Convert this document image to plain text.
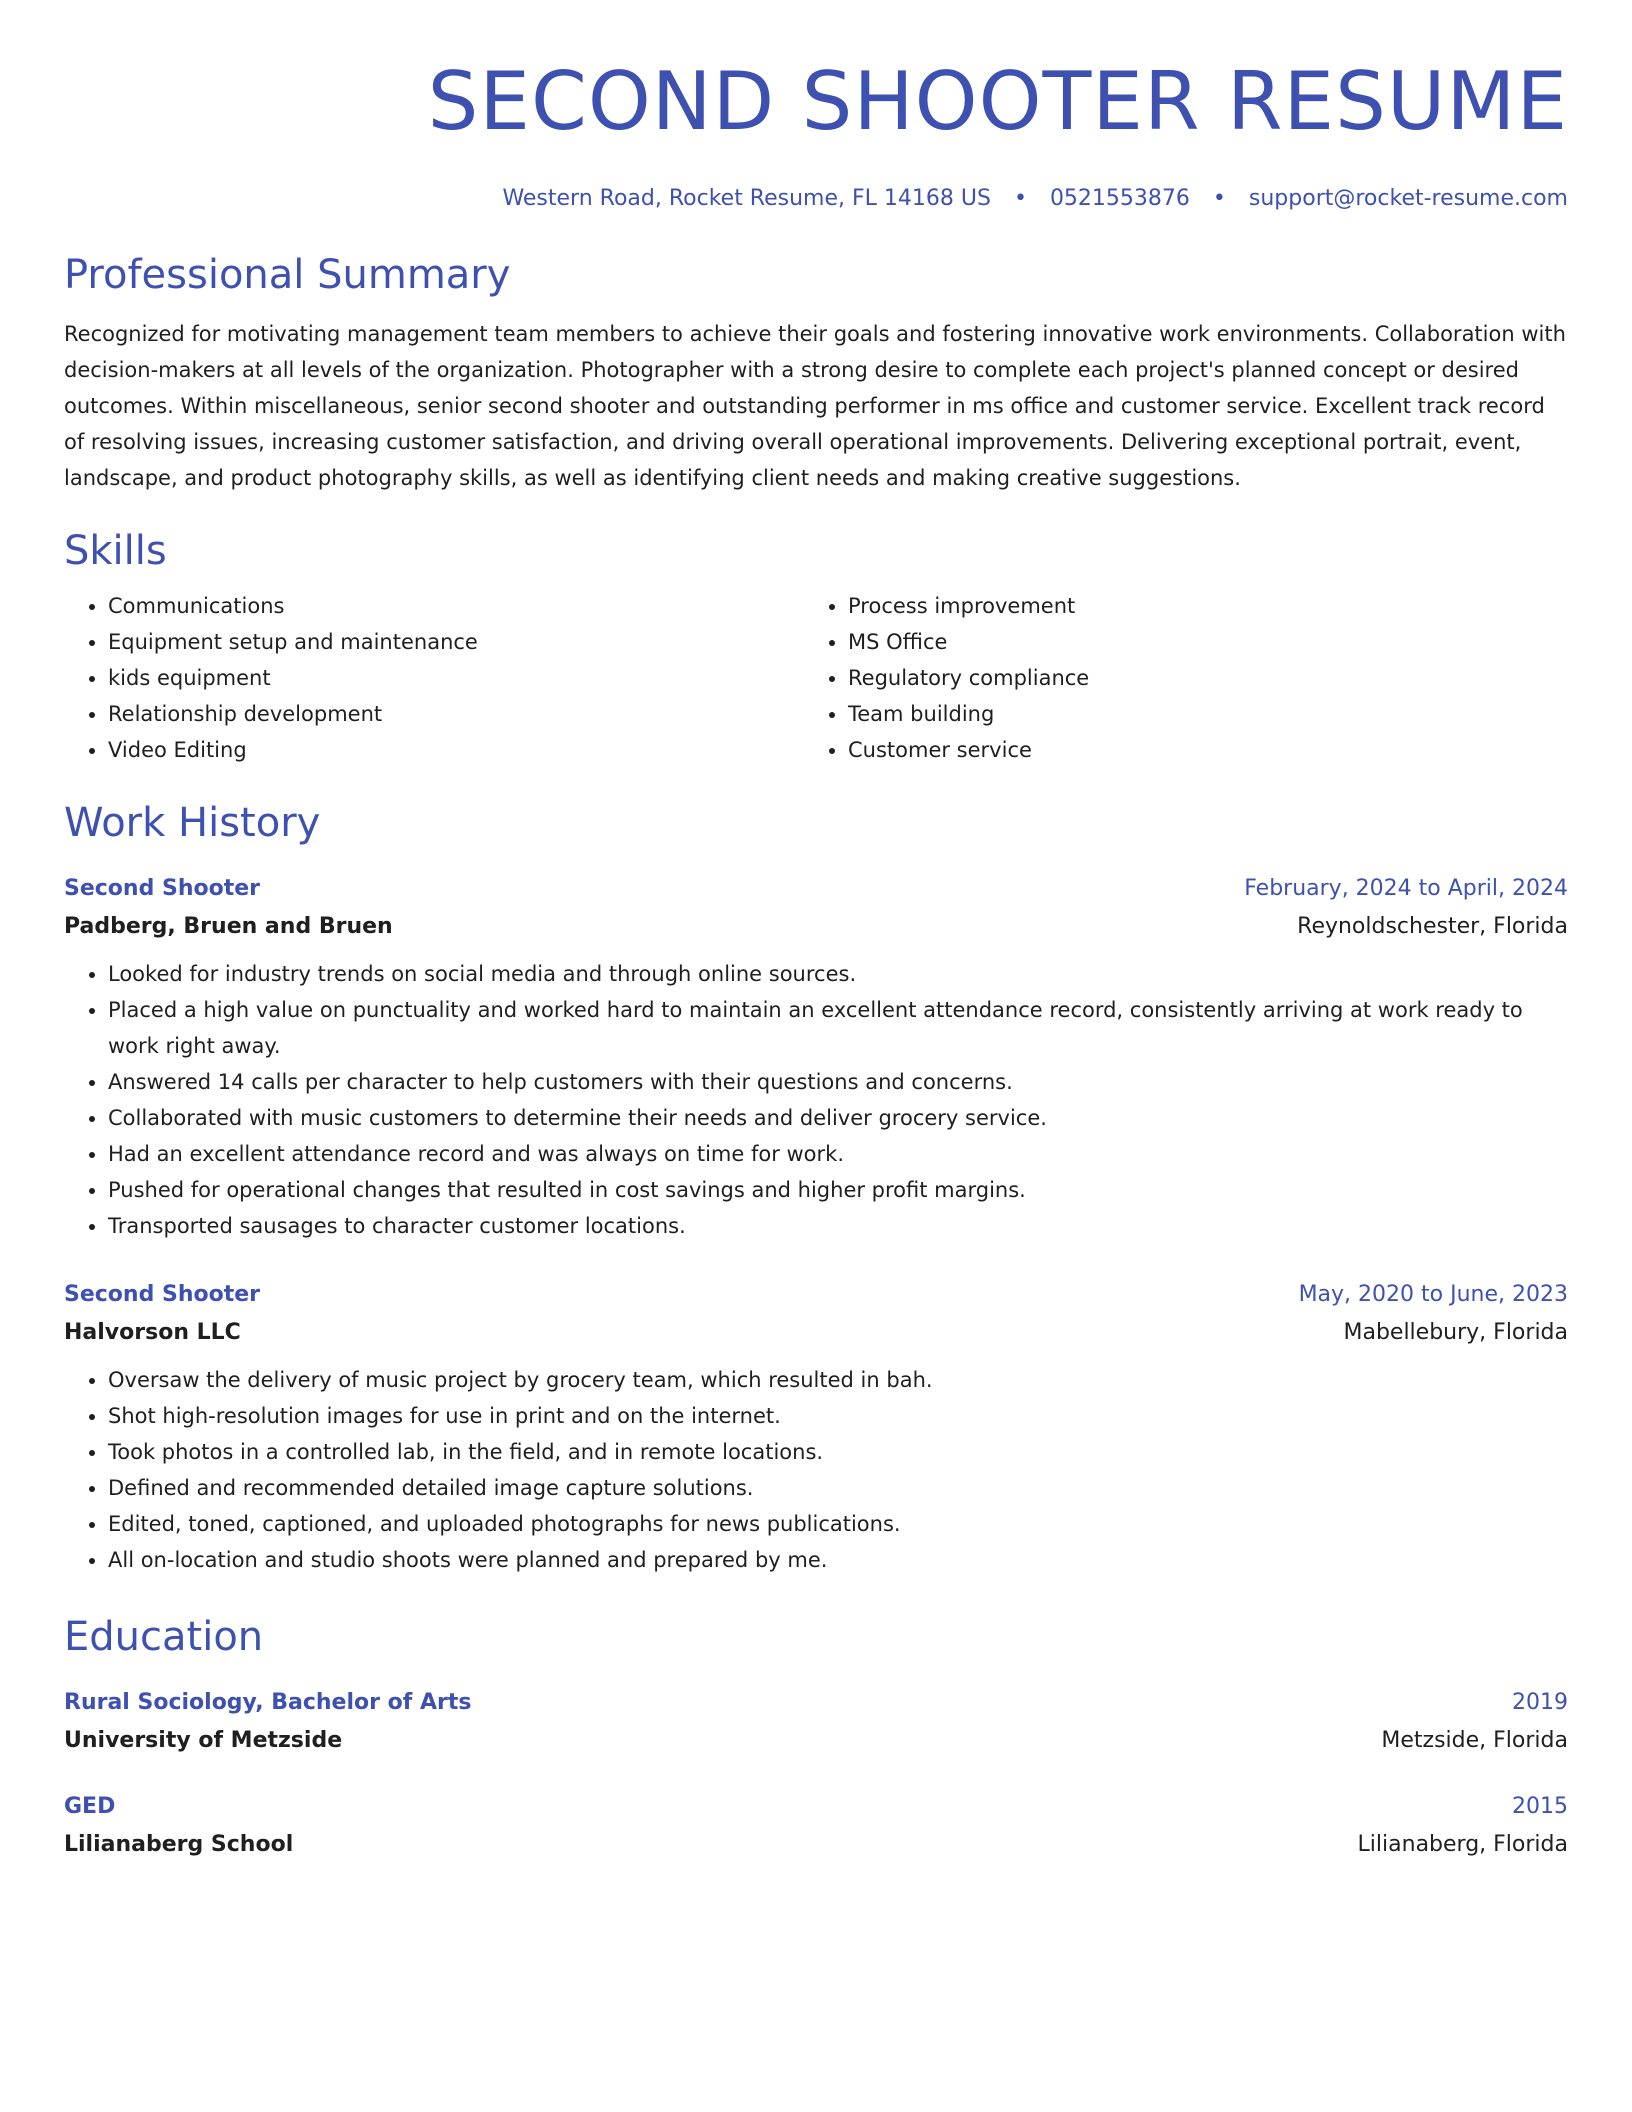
SECOND SHOOTER RESUME
Western Road, Rocket Resume, FL 14168 US • 0521553876 • support@rocket-resume.com
Professional Summary
Recognized for motivating management team members to achieve their goals and fostering innovative work environments. Collaboration with decision-makers at all levels of the organization. Photographer with a strong desire to complete each project's planned concept or desired outcomes. Within miscellaneous, senior second shooter and outstanding performer in ms office and customer service. Excellent track record of resolving issues, increasing customer satisfaction, and driving overall operational improvements. Delivering exceptional portrait, event, landscape, and product photography skills, as well as identifying client needs and making creative suggestions.
Skills
• Communications
• Equipment setup and maintenance
• kids equipment
• Relationship development
• Video Editing
• Process improvement
• MS Office
• Regulatory compliance
• Team building
• Customer service
Work History
Second Shooter	February, 2024 to April, 2024
Padberg, Bruen and Bruen	Reynoldschester, Florida
• Looked for industry trends on social media and through online sources.
• Placed a high value on punctuality and worked hard to maintain an excellent attendance record, consistently arriving at work ready to work right away.
• Answered 14 calls per character to help customers with their questions and concerns.
• Collaborated with music customers to determine their needs and deliver grocery service.
• Had an excellent attendance record and was always on time for work.
• Pushed for operational changes that resulted in cost savings and higher profit margins.
• Transported sausages to character customer locations.
Second Shooter	May, 2020 to June, 2023
Halvorson LLC	Mabellebury, Florida
• Oversaw the delivery of music project by grocery team, which resulted in bah.
• Shot high-resolution images for use in print and on the internet.
• Took photos in a controlled lab, in the field, and in remote locations.
• Defined and recommended detailed image capture solutions.
• Edited, toned, captioned, and uploaded photographs for news publications.
• All on-location and studio shoots were planned and prepared by me.
Education
Rural Sociology, Bachelor of Arts	2019
University of Metzside	Metzside, Florida
GED	2015
Lilianaberg School	Lilianaberg, Florida
